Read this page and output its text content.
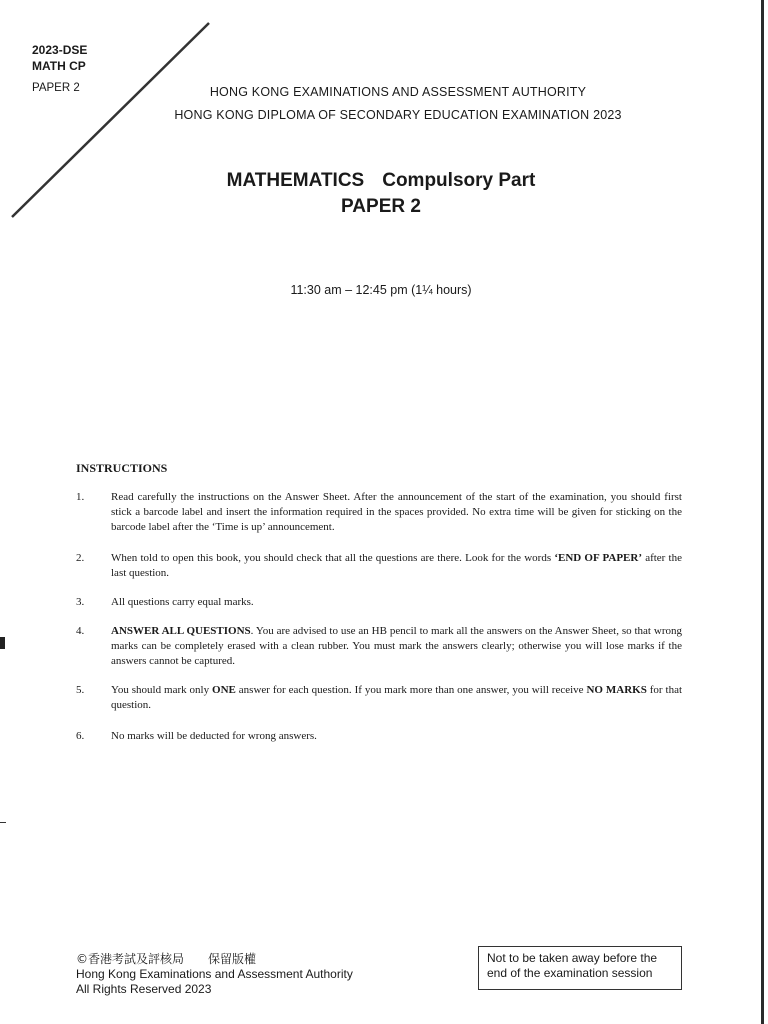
2023-DSE
MATH CP
PAPER 2	HONG KONG EXAMINATIONS AND ASSESSMENT AUTHORITY
HONG KONG DIPLOMA OF SECONDARY EDUCATION EXAMINATION 2023
MATHEMATICS Compulsory Part
PAPER 2
11:30 am – 12:45 pm (1¼ hours)
INSTRUCTIONS
1. Read carefully the instructions on the Answer Sheet. After the announcement of the start of the examination, you should first stick a barcode label and insert the information required in the spaces provided. No extra time will be given for sticking on the barcode label after the ‘Time is up’ announcement.
2. When told to open this book, you should check that all the questions are there. Look for the words ‘END OF PAPER’ after the last question.
3. All questions carry equal marks.
4. ANSWER ALL QUESTIONS. You are advised to use an HB pencil to mark all the answers on the Answer Sheet, so that wrong marks can be completely erased with a clean rubber. You must mark the answers clearly; otherwise you will lose marks if the answers cannot be captured.
5. You should mark only ONE answer for each question. If you mark more than one answer, you will receive NO MARKS for that question.
6. No marks will be deducted for wrong answers.
©香港考試及評核局 保留版權
Hong Kong Examinations and Assessment Authority
All Rights Reserved 2023
Not to be taken away before the end of the examination session
